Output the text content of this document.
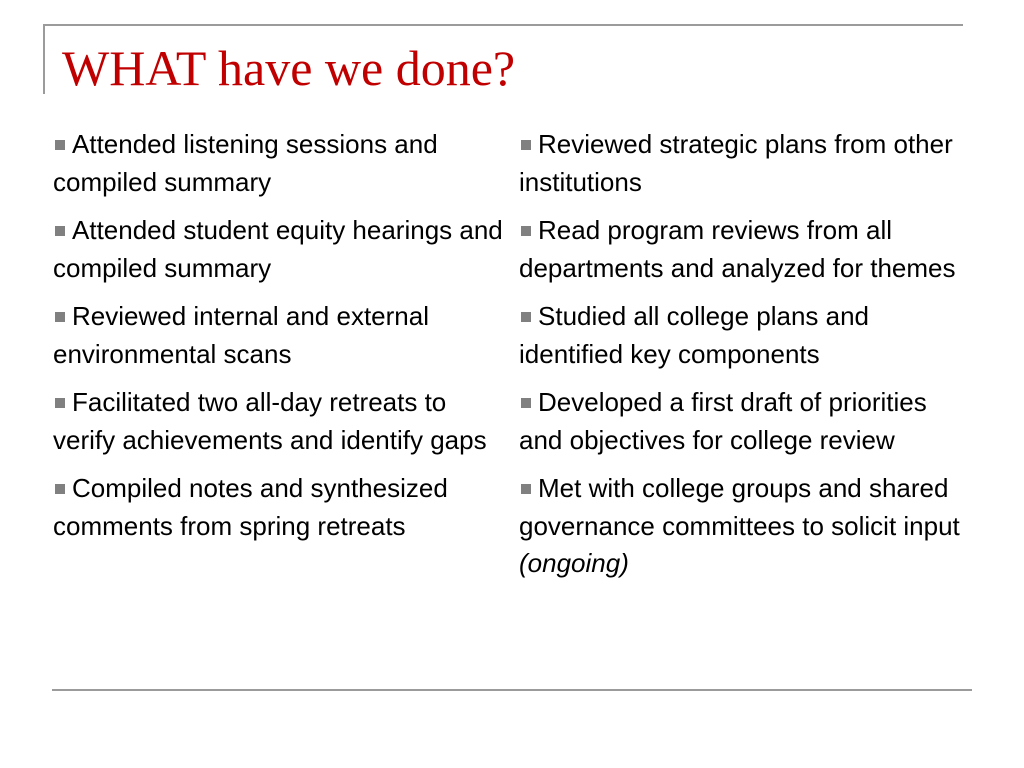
WHAT have we done?

Attended listening sessions and compiled summary

Attended student equity hearings and compiled summary

Reviewed internal and external environmental scans

Facilitated two all-day retreats to verify achievements and identify gaps

Compiled notes and synthesized comments from spring retreats

Reviewed strategic plans from other institutions

Read program reviews from all departments and analyzed for themes

Studied all college plans and identified key components

Developed a first draft of priorities and objectives for college review

Met with college groups and shared governance committees to solicit input (ongoing)
